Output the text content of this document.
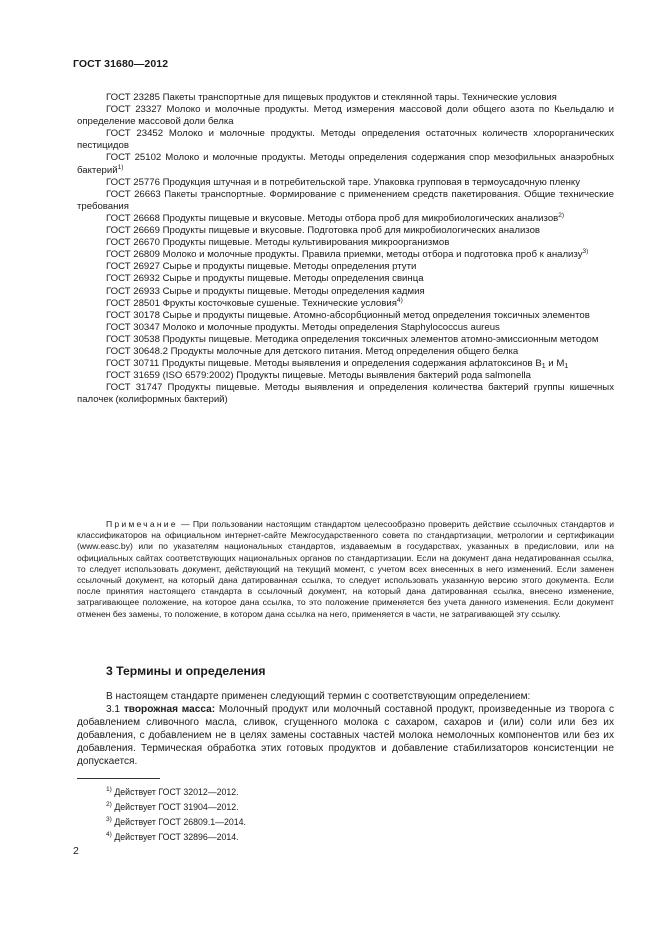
ГОСТ 31680—2012

ГОСТ 23285 Пакеты транспортные для пищевых продуктов и стеклянной тары. Технические условия

ГОСТ 23327 Молоко и молочные продукты. Метод измерения массовой доли общего азота по Кьельдалю и определение массовой доли белка

ГОСТ 23452 Молоко и молочные продукты. Методы определения остаточных количеств хлорорганических пестицидов

ГОСТ 25102 Молоко и молочные продукты. Методы определения содержания спор мезофильных анаэробных бактерий$^{1)}$

ГОСТ 25776 Продукция штучная и в потребительской таре. Упаковка групповая в термоусадочную пленку

ГОСТ 26663 Пакеты транспортные. Формирование с применением средств пакетирования. Общие технические требования

ГОСТ 26668 Продукты пищевые и вкусовые. Методы отбора проб для микробиологических анализов$^{2)}$

ГОСТ 26669 Продукты пищевые и вкусовые. Подготовка проб для микробиологических анализов

ГОСТ 26670 Продукты пищевые. Методы культивирования микроорганизмов

ГОСТ 26809 Молоко и молочные продукты. Правила приемки, методы отбора и подготовка проб к анализу$^{3)}$

ГОСТ 26927 Сырье и продукты пищевые. Методы определения ртути

ГОСТ 26932 Сырье и продукты пищевые. Методы определения свинца

ГОСТ 26933 Сырье и продукты пищевые. Методы определения кадмия

ГОСТ 28501 Фрукты косточковые сушеные. Технические условия$^{4)}$

ГОСТ 30178 Сырье и продукты пищевые. Атомно-абсорбционный метод определения токсичных элементов

ГОСТ 30347 Молоко и молочные продукты. Методы определения Staphylococcus aureus

ГОСТ 30538 Продукты пищевые. Методика определения токсичных элементов атомно-эмиссионным методом

ГОСТ 30648.2 Продукты молочные для детского питания. Метод определения общего белка

ГОСТ 30711 Продукты пищевые. Методы выявления и определения содержания афлатоксинов $B_1$ и $M_1$

ГОСТ 31659 (ISO 6579:2002) Продукты пищевые. Методы выявления бактерий рода salmonella

ГОСТ 31747 Продукты пищевые. Методы выявления и определения количества бактерий группы кишечных палочек (колиформных бактерий)

Примечание — При пользовании настоящим стандартом целесообразно проверить действие ссылочных стандартов и классификаторов на официальном интернет-сайте Межгосударственного совета по стандартизации, метрологии и сертификации (www.easc.by) или по указателям национальных стандартов, издаваемым в государствах, указанных в предисловии, или на официальных сайтах соответствующих национальных органов по стандартизации. Если на документ дана недатированная ссылка, то следует использовать документ, действующий на текущий момент, с учетом всех внесенных в него изменений. Если заменен ссылочный документ, на который дана датированная ссылка, то следует использовать указанную версию этого документа. Если после принятия настоящего стандарта в ссылочный документ, на который дана датированная ссылка, внесено изменение, затрагивающее положение, на которое дана ссылка, то это положение применяется без учета данного изменения. Если документ отменен без замены, то положение, в котором дана ссылка на него, применяется в части, не затрагивающей эту ссылку.

3 Термины и определения

В настоящем стандарте применен следующий термин с соответствующим определением:

3.1 творожная масса: Молочный продукт или молочный составной продукт, произведенные из творога с добавлением сливочного масла, сливок, сгущенного молока с сахаром, сахаров и (или) соли или без их добавления, с добавлением не в целях замены составных частей молока немолочных компонентов или без их добавления. Термическая обработка этих готовых продуктов и добавление стабилизаторов консистенции не допускается.

$^{1)}$ Действует ГОСТ 32012—2012.
$^{2)}$ Действует ГОСТ 31904—2012.
$^{3)}$ Действует ГОСТ 26809.1—2014.
$^{4)}$ Действует ГОСТ 32896—2014.
2
